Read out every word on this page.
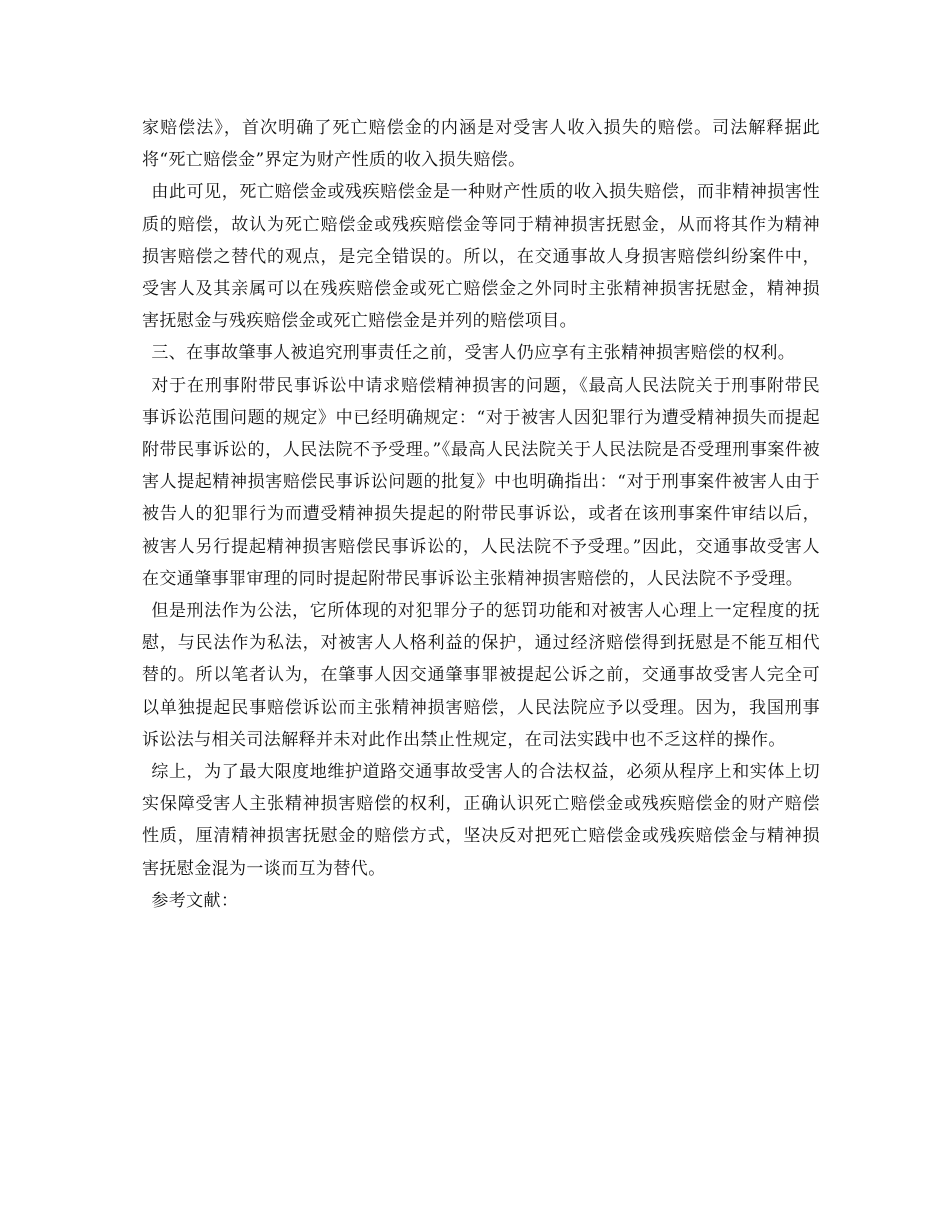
家赔偿法》，首次明确了死亡赔偿金的内涵是对受害人收入损失的赔偿。司法解释据此将“死亡赔偿金”界定为财产性质的收入损失赔偿。

由此可见，死亡赔偿金或残疾赔偿金是一种财产性质的收入损失赔偿，而非精神损害性质的赔偿，故认为死亡赔偿金或残疾赔偿金等同于精神损害抚慰金，从而将其作为精神损害赔偿之替代的观点，是完全错误的。所以，在交通事故人身损害赔偿纠纷案件中，受害人及其亲属可以在残疾赔偿金或死亡赔偿金之外同时主张精神损害抚慰金，精神损害抚慰金与残疾赔偿金或死亡赔偿金是并列的赔偿项目。

三、在事故肇事人被追究刑事责任之前，受害人仍应享有主张精神损害赔偿的权利。

对于在刑事附带民事诉讼中请求赔偿精神损害的问题，《最高人民法院关于刑事附带民事诉讼范围问题的规定》中已经明确规定：“对于被害人因犯罪行为遭受精神损失而提起附带民事诉讼的，人民法院不予受理。”《最高人民法院关于人民法院是否受理刑事案件被害人提起精神损害赔偿民事诉讼问题的批复》中也明确指出：“对于刑事案件被害人由于被告人的犯罪行为而遭受精神损失提起的附带民事诉讼，或者在该刑事案件审结以后，被害人另行提起精神损害赔偿民事诉讼的，人民法院不予受理。”因此，交通事故受害人在交通肇事罪审理的同时提起附带民事诉讼主张精神损害赔偿的，人民法院不予受理。

但是刑法作为公法，它所体现的对犯罪分子的惩罚功能和对被害人心理上一定程度的抚慰，与民法作为私法，对被害人人格利益的保护，通过经济赔偿得到抚慰是不能互相代替的。所以笔者认为，在肇事人因交通肇事罪被提起公诉之前，交通事故受害人完全可以单独提起民事赔偿诉讼而主张精神损害赔偿，人民法院应予以受理。因为，我国刑事诉讼法与相关司法解释并未对此作出禁止性规定，在司法实践中也不乏这样的操作。

综上，为了最大限度地维护道路交通事故受害人的合法权益，必须从程序上和实体上切实保障受害人主张精神损害赔偿的权利，正确认识死亡赔偿金或残疾赔偿金的财产赔偿性质，厘清精神损害抚慰金的赔偿方式，坚决反对把死亡赔偿金或残疾赔偿金与精神损害抚慰金混为一谈而互为替代。

参考文献：
